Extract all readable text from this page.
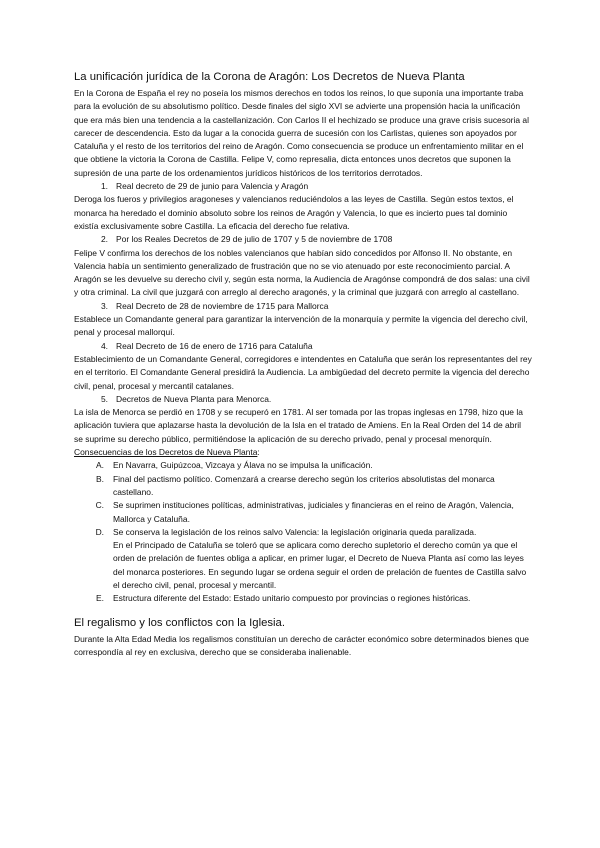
La unificación jurídica de la Corona de Aragón: Los Decretos de Nueva Planta

En la Corona de España el rey no poseía los mismos derechos en todos los reinos, lo que suponía una importante traba para la evolución de su absolutismo político. Desde finales del siglo XVI se advierte una propensión hacia la unificación que era más bien una tendencia a la castellanización. Con Carlos II el hechizado se produce una grave crisis sucesoria al carecer de descendencia. Esto da lugar a la conocida guerra de sucesión con los Carlistas, quienes son apoyados por Cataluña y el resto de los territorios del reino de Aragón. Como consecuencia se produce un enfrentamiento militar en el que obtiene la victoria la Corona de Castilla. Felipe V, como represalia, dicta entonces unos decretos que suponen la supresión de una parte de los ordenamientos jurídicos históricos de los territorios derrotados.

1. Real decreto de 29 de junio para Valencia y Aragón

Deroga los fueros y privilegios aragoneses y valencianos reduciéndolos a las leyes de Castilla. Según estos textos, el monarca ha heredado el dominio absoluto sobre los reinos de Aragón y Valencia, lo que es incierto pues tal dominio existía exclusivamente sobre Castilla. La eficacia del derecho fue relativa.

2. Por los Reales Decretos de 29 de julio de 1707 y 5 de noviembre de 1708

Felipe V confirma los derechos de los nobles valencianos que habían sido concedidos por Alfonso II. No obstante, en Valencia había un sentimiento generalizado de frustración que no se vio atenuado por este reconocimiento parcial. A Aragón se les devuelve su derecho civil y, según esta norma, la Audiencia de Aragónse compondrá de dos salas: una civil y otra criminal. La civil que juzgará con arreglo al derecho aragonés, y la criminal que juzgará con arreglo al castellano.

3. Real Decreto de 28 de noviembre de 1715 para Mallorca

Establece un Comandante general para garantizar la intervención de la monarquía y permite la vigencia del derecho civil, penal y procesal mallorquí.

4. Real Decreto de 16 de enero de 1716 para Cataluña

Establecimiento de un Comandante General, corregidores e intendentes en Cataluña que serán los representantes del rey en el territorio. El Comandante General presidirá la Audiencia. La ambigüedad del decreto permite la vigencia del derecho civil, penal, procesal y mercantil catalanes.

5. Decretos de Nueva Planta para Menorca.

La isla de Menorca se perdió en 1708 y se recuperó en 1781. Al ser tomada por las tropas inglesas en 1798, hizo que la aplicación tuviera que aplazarse hasta la devolución de la Isla en el tratado de Amiens. En la Real Orden del 14 de abril se suprime su derecho público, permitiéndose la aplicación de su derecho privado, penal y procesal menorquín.

Consecuencias de los Decretos de Nueva Planta:

A.	En Navarra, Guipúzcoa, Vizcaya y Álava no se impulsa la unificación.

B.	Final del pactismo político. Comenzará a crearse derecho según los criterios absolutistas del monarca castellano.

C.	Se suprimen instituciones políticas, administrativas, judiciales y financieras en el reino de Aragón, Valencia, Mallorca y Cataluña.

D.	Se conserva la legislación de los reinos salvo Valencia: la legislación originaria queda paralizada.

En el Principado de Cataluña se toleró que se aplicara como derecho supletorio el derecho común ya que el orden de prelación de fuentes obliga a aplicar, en primer lugar, el Decreto de Nueva Planta así como las leyes del monarca posteriores. En segundo lugar se ordena seguir el orden de prelación de fuentes de Castilla salvo el derecho civil, penal, procesal y mercantil.

E.	Estructura diferente del Estado: Estado unitario compuesto por provincias o regiones históricas.

El regalismo y los conflictos con la Iglesia.

Durante la Alta Edad Media los regalismos constituían un derecho de carácter económico sobre determinados bienes que correspondía al rey en exclusiva, derecho que se consideraba inalienable.
